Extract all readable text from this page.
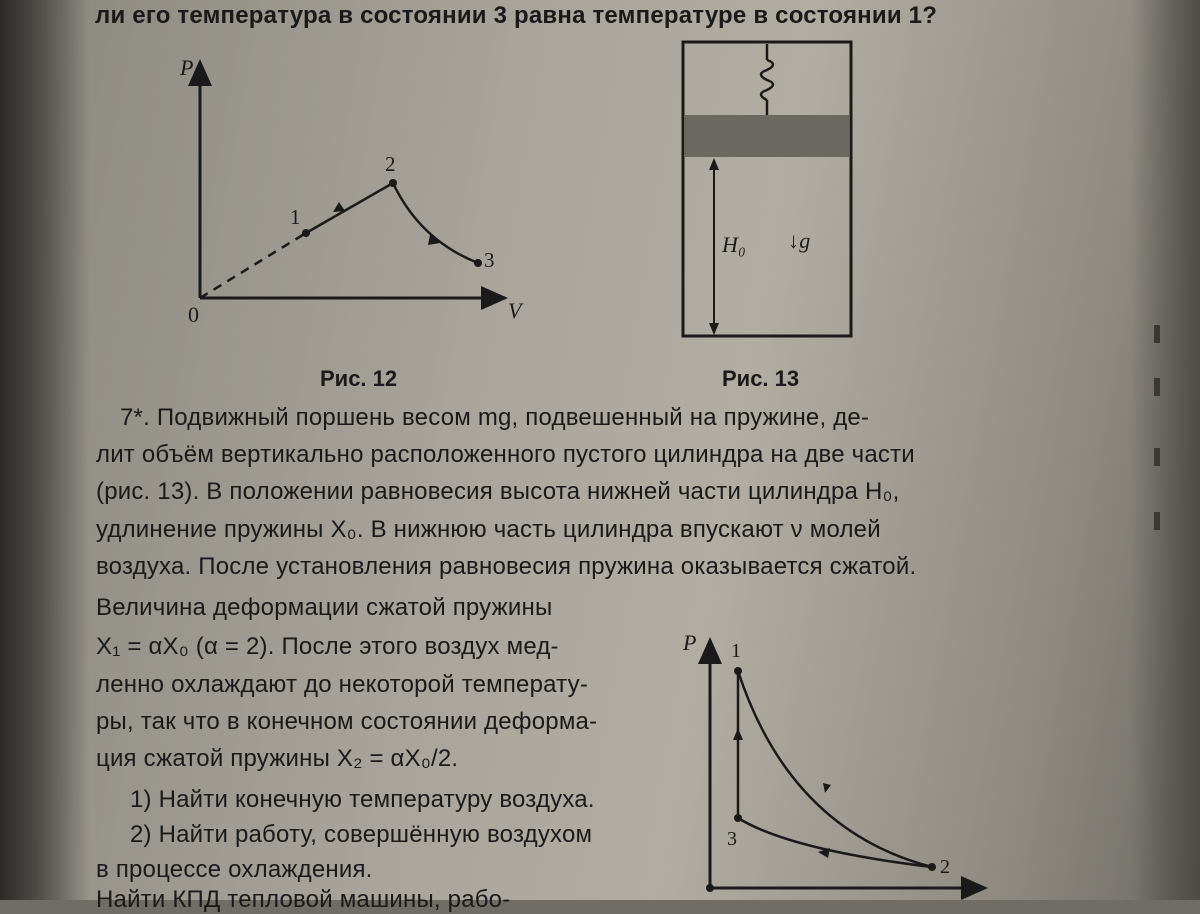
ли его температура в состоянии 3 равна температуре в состоянии 1?
P
V
0
1
2
3
Рис. 12
H₀ ↓g⃗
Рис. 13
7*. Подвижный поршень весом mg, подвешенный на пружине, де-
лит объём вертикально расположенного пустого цилиндра на две части
(рис. 13). В положении равновесия высота нижней части цилиндра H₀,
удлинение пружины X₀. В нижнюю часть цилиндра впускают ν молей
воздуха. После установления равновесия пружина оказывается сжатой.
Величина деформации сжатой пружины
X₁ = αX₀ (α = 2). После этого воздух мед-
ленно охлаждают до некоторой температу-
ры, так что в конечном состоянии деформа-
ция сжатой пружины X₂ = αX₀/2.
1) Найти конечную температуру воздуха.
2) Найти работу, совершённую воздухом
в процессе охлаждения.
Найти КПД тепловой машины, рабо-
P 1
2
3
